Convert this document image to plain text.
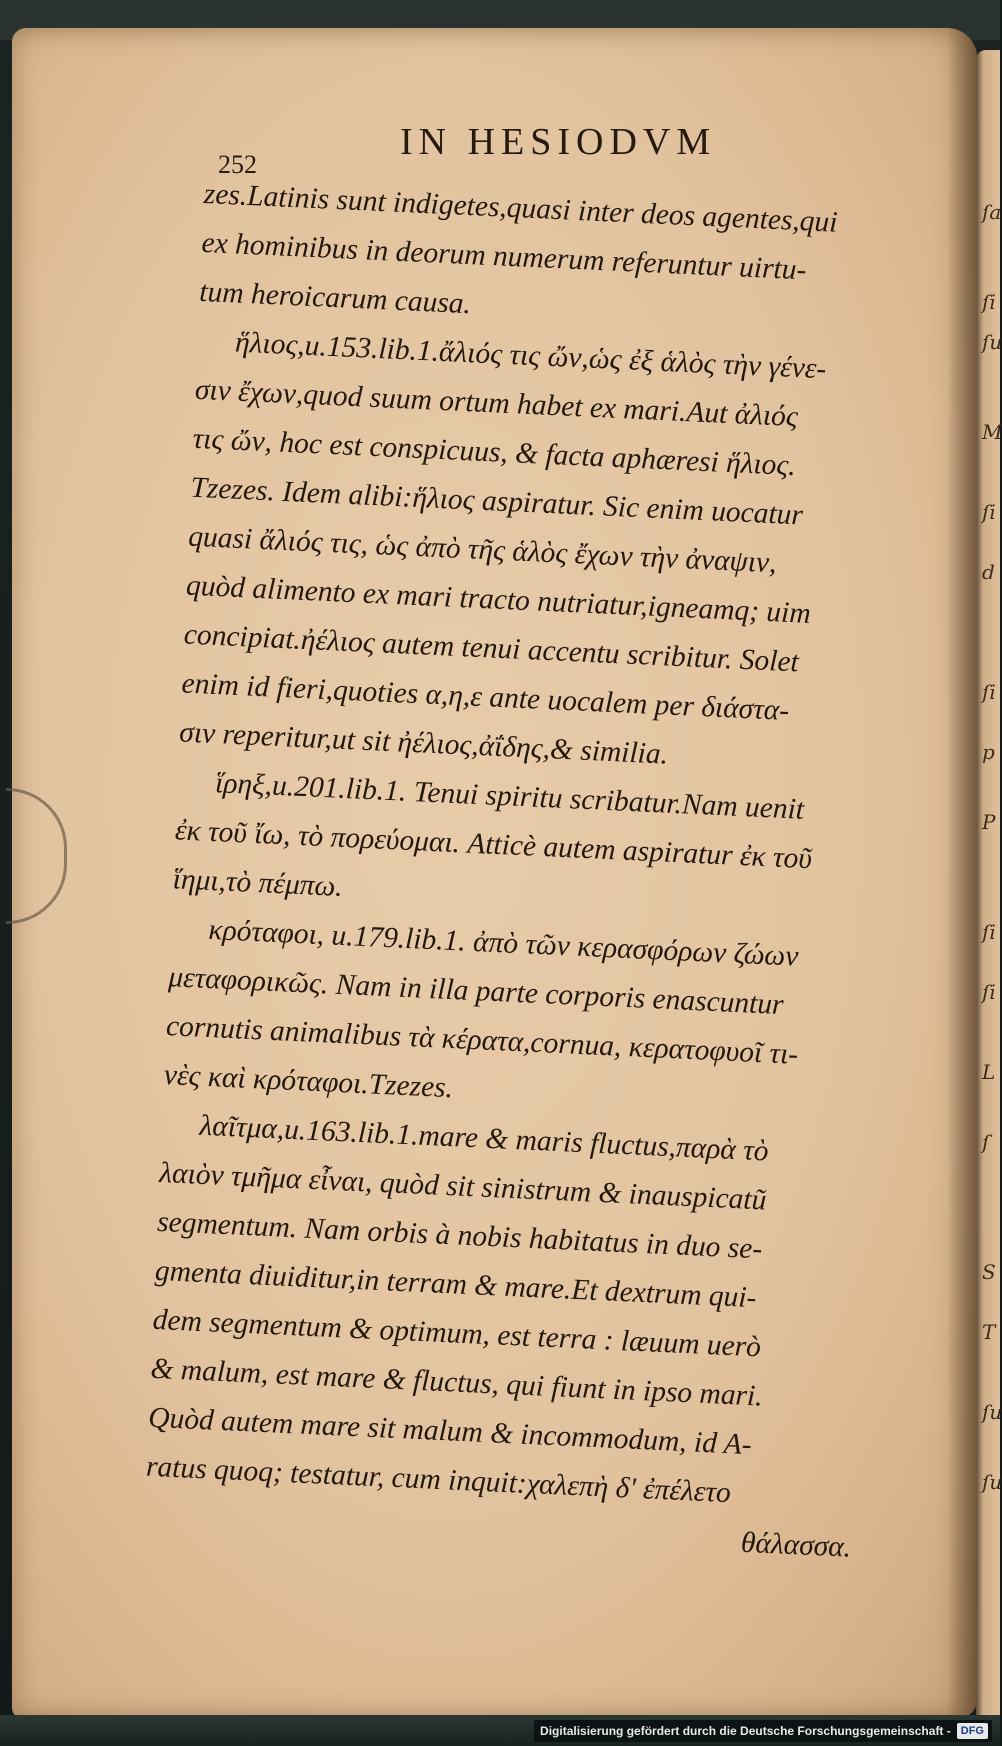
ſa
ſi
ſu
M
ſi
d
ſi
p
P
ſi
ſi
L
ſ
S
T
ſu
ſu
252
IN HESIODVM
zes.Latinis sunt indigetes,quasi inter deos agentes,qui
ex hominibus in deorum numerum referuntur uirtu-
tum heroicarum causa.
ἥλιος,u.153.lib.1.ἄλιός τις ὤν,ὡς ἐξ ἁλὸς τὴν γένε-
σιν ἔχων,quod suum ortum habet ex mari.Aut ἀλιός
τις ὤν, hoc est conspicuus, & facta aphæresi ἥλιος.
Tzezes. Idem alibi:ἥλιος aspiratur. Sic enim uocatur
quasi ἄλιός τις, ὡς ἀπὸ τῆς ἁλὸς ἔχων τὴν ἀναψιν,
quòd alimento ex mari tracto nutriatur,igneamq; uim
concipiat.ἠέλιος autem tenui accentu scribitur. Solet
enim id fieri,quoties α,η,ε ante uocalem per διάστα-
σιν reperitur,ut sit ἠέλιος,ἀΐδης,& similia.
ἵρηξ,u.201.lib.1. Tenui spiritu scribatur.Nam uenit
ἐκ τοῦ ἴω, τὸ πορεύομαι. Atticè autem aspiratur ἐκ τοῦ
ἵημι,τὸ πέμπω.
κρόταφοι, u.179.lib.1. ἀπὸ τῶν κερασφόρων ζώων
μεταφορικῶς. Nam in illa parte corporis enascuntur
cornutis animalibus τὰ κέρατα,cornua, κερατοφυοῖ τι-
νὲς καὶ κρόταφοι.Tzezes.
λαῖτμα,u.163.lib.1.mare & maris fluctus,παρὰ τὸ
λαιὸν τμῆμα εἶναι, quòd sit sinistrum & inauspicatũ
segmentum. Nam orbis à nobis habitatus in duo se-
gmenta diuiditur,in terram & mare.Et dextrum qui-
dem segmentum & optimum, est terra : læuum uerò
& malum, est mare & fluctus, qui fiunt in ipso mari.
Quòd autem mare sit malum & incommodum, id A-
ratus quoq; testatur, cum inquit:χαλεπὴ δ' ἐπέλετο
θάλασσα.
Digitalisierung gefördert durch die Deutsche Forschungsgemeinschaft - DFG
